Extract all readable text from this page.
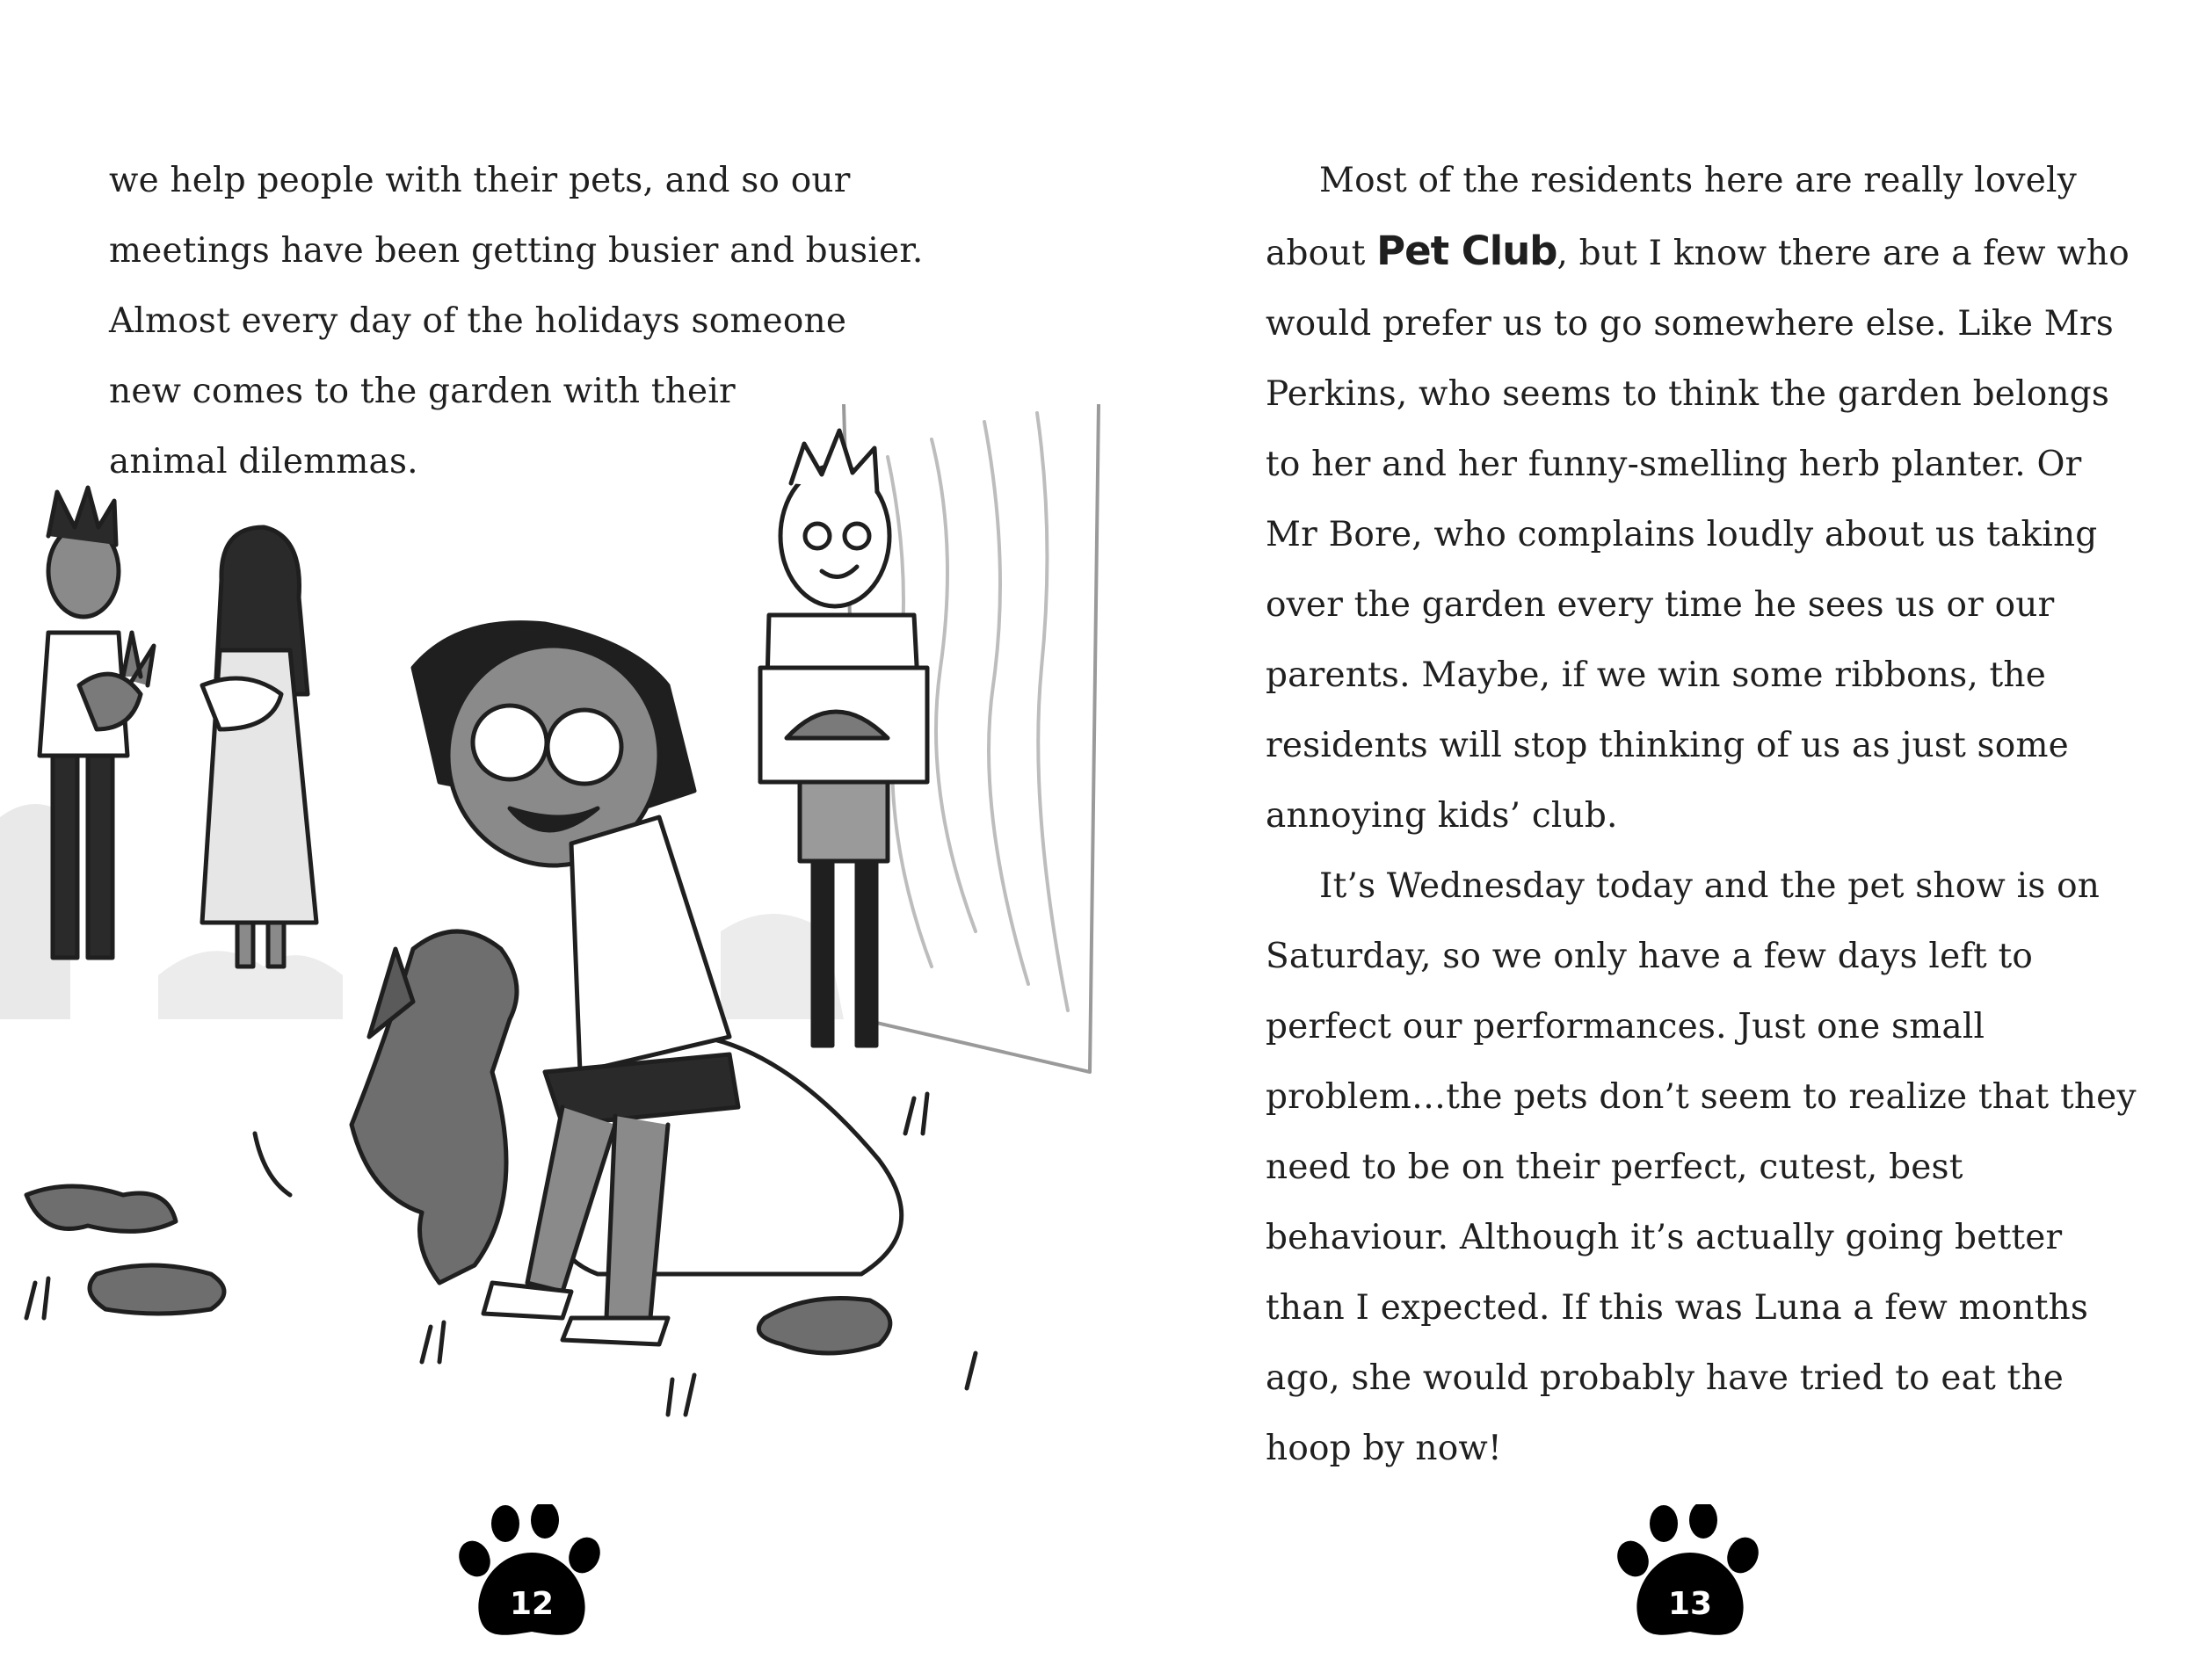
we help people with their pets, and so our

meetings have been getting busier and busier.

Almost every day of the holidays someone

new comes to the garden with their

animal dilemmas.

12

Most of the residents here are really lovely

about Pet Club, but I know there are a few who

would prefer us to go somewhere else. Like Mrs

Perkins, who seems to think the garden belongs

to her and her funny-smelling herb planter. Or

Mr Bore, who complains loudly about us taking

over the garden every time he sees us or our

parents. Maybe, if we win some ribbons, the

residents will stop thinking of us as just some

annoying kids’ club.

It’s Wednesday today and the pet show is on

Saturday, so we only have a few days left to

perfect our performances. Just one small

problem…the pets don’t seem to realize that they

need to be on their perfect, cutest, best

behaviour. Although it’s actually going better

than I expected. If this was Luna a few months

ago, she would probably have tried to eat the

hoop by now!

13
